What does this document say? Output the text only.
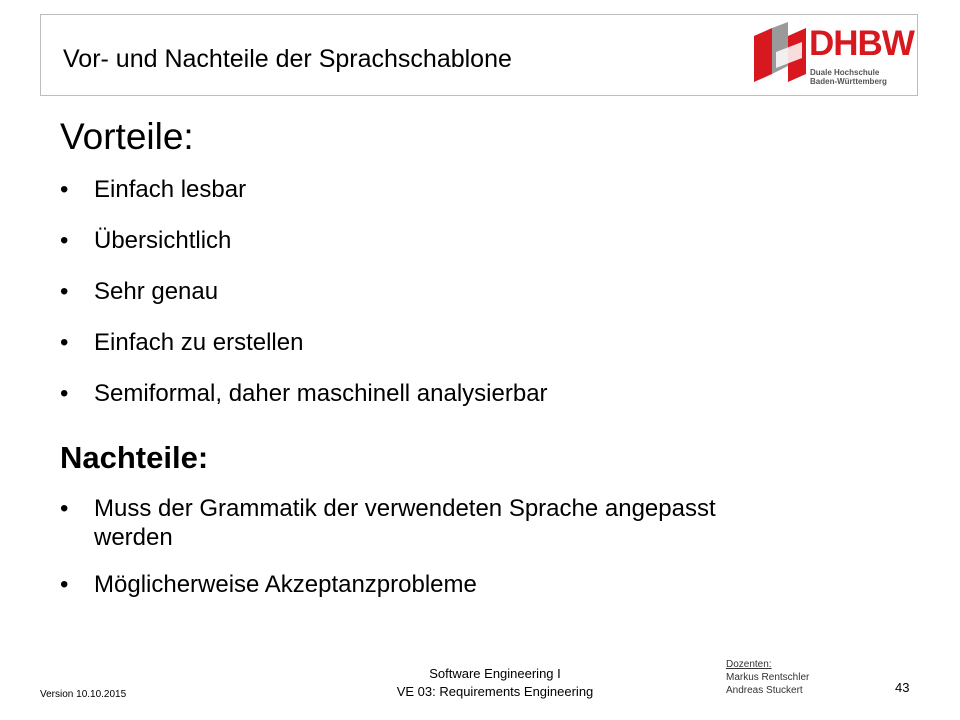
Vor- und Nachteile der Sprachschablone	DHBW
Duale Hochschule
Baden-Württemberg
Vorteile:
• Einfach lesbar
• Übersichtlich
• Sehr genau
• Einfach zu erstellen
• Semiformal, daher maschinell analysierbar
Nachteile:
• Muss der Grammatik der verwendeten Sprache angepasst werden
• Möglicherweise Akzeptanzprobleme
Software Engineering I
VE 03: Requirements Engineering
Version 10.10.2015
Dozenten:
Markus Rentschler
Andreas Stuckert	43
